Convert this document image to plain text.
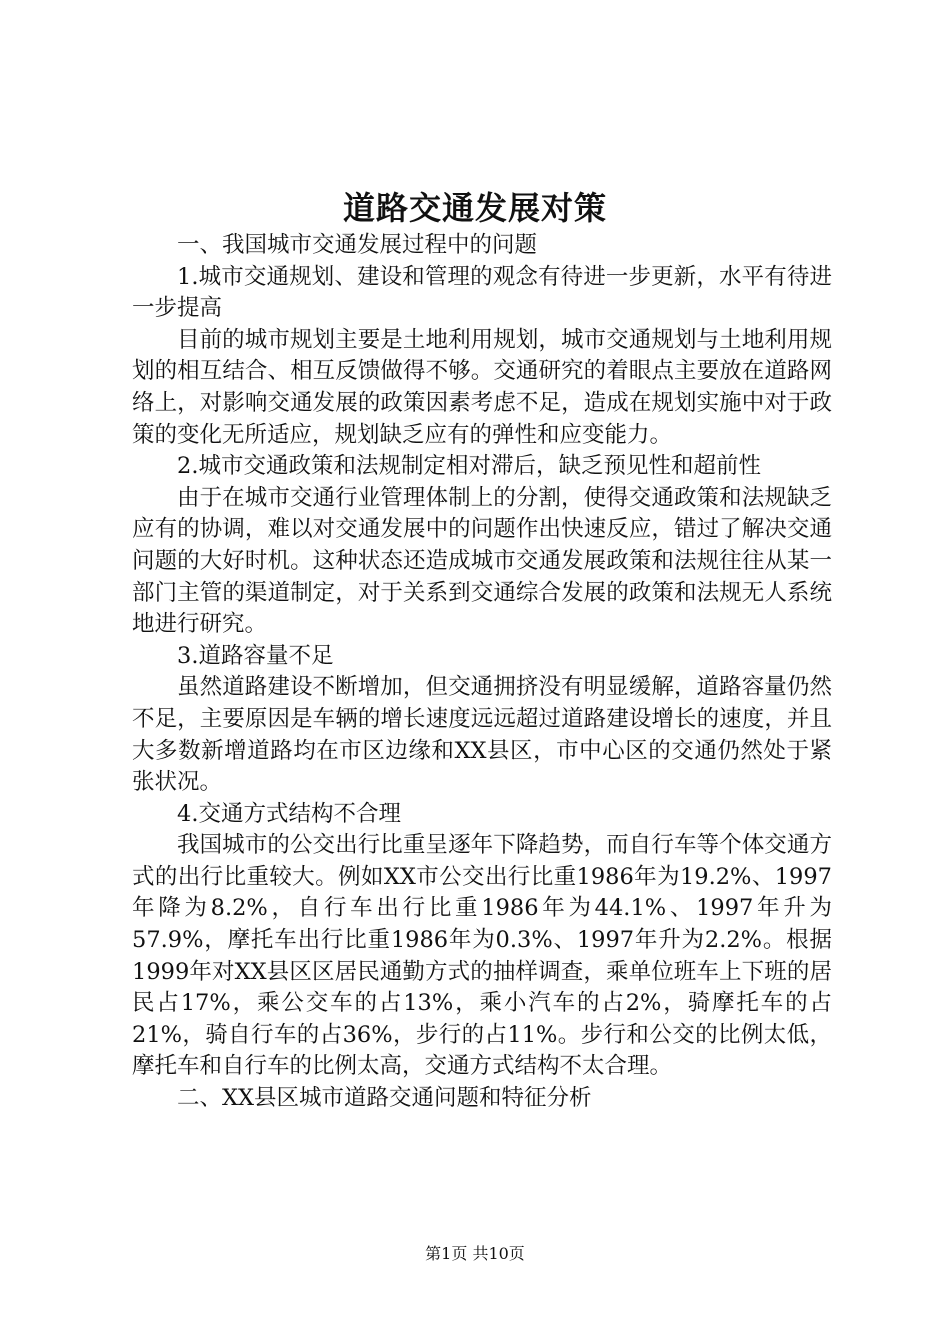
道路交通发展对策

一、我国城市交通发展过程中的问题

1.城市交通规划、建设和管理的观念有待进一步更新，水平有待进一步提高

目前的城市规划主要是土地利用规划，城市交通规划与土地利用规划的相互结合、相互反馈做得不够。交通研究的着眼点主要放在道路网络上，对影响交通发展的政策因素考虑不足，造成在规划实施中对于政策的变化无所适应，规划缺乏应有的弹性和应变能力。

2.城市交通政策和法规制定相对滞后，缺乏预见性和超前性

由于在城市交通行业管理体制上的分割，使得交通政策和法规缺乏应有的协调，难以对交通发展中的问题作出快速反应，错过了解决交通问题的大好时机。这种状态还造成城市交通发展政策和法规往往从某一部门主管的渠道制定，对于关系到交通综合发展的政策和法规无人系统地进行研究。

3.道路容量不足

虽然道路建设不断增加，但交通拥挤没有明显缓解，道路容量仍然不足，主要原因是车辆的增长速度远远超过道路建设增长的速度，并且大多数新增道路均在市区边缘和XX县区，市中心区的交通仍然处于紧张状况。

4.交通方式结构不合理

我国城市的公交出行比重呈逐年下降趋势，而自行车等个体交通方式的出行比重较大。例如XX市公交出行比重1986年为19.2%、1997年降为8.2%，自行车出行比重1986年为44.1%、1997年升为57.9%，摩托车出行比重1986年为0.3%、1997年升为2.2%。根据1999年对XX县区区居民通勤方式的抽样调查，乘单位班车上下班的居民占17%，乘公交车的占13%，乘小汽车的占2%，骑摩托车的占21%，骑自行车的占36%，步行的占11%。步行和公交的比例太低，摩托车和自行车的比例太高，交通方式结构不太合理。

二、XX县区城市道路交通问题和特征分析

第1页 共10页
